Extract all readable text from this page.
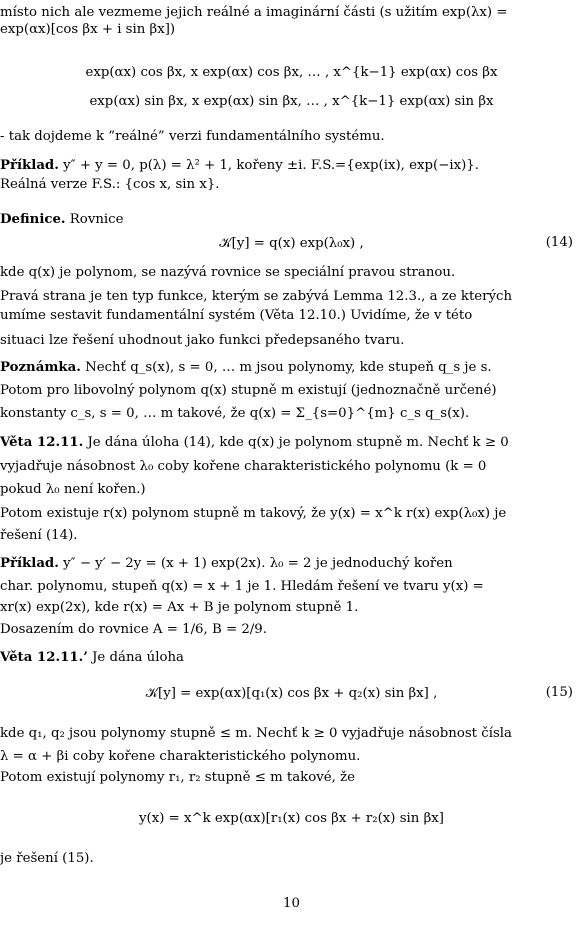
místo nich ale vezmeme jejich reálné a imaginární části (s užitím exp(λx) =
exp(αx)[cos βx + i sin βx])
exp(αx) cos βx, x exp(αx) cos βx, … , x^{k−1} exp(αx) cos βx
exp(αx) sin βx, x exp(αx) sin βx, … , x^{k−1} exp(αx) sin βx
- tak dojdeme k ”reálné” verzi fundamentálního systému.
Příklad. y″ + y = 0, p(λ) = λ² + 1, kořeny ±i. F.S.={exp(ix), exp(−ix)}.
Reálná verze F.S.: {cos x, sin x}.
Definice. Rovnice
𝒦[y] = q(x) exp(λ₀x) ,	(14)
kde q(x) je polynom, se nazývá rovnice se speciální pravou stranou.
Pravá strana je ten typ funkce, kterým se zabývá Lemma 12.3., a ze kterých
umíme sestavit fundamentální systém (Věta 12.10.) Uvidíme, že v této
situaci lze řešení uhodnout jako funkci předepsaného tvaru.
Poznámka. Nechť q_s(x), s = 0, … m jsou polynomy, kde stupeň q_s je s.
Potom pro libovolný polynom q(x) stupně m existují (jednoznačně určené)
konstanty c_s, s = 0, … m takové, že q(x) = Σ_{s=0}^{m} c_s q_s(x).
Věta 12.11. Je dána úloha (14), kde q(x) je polynom stupně m. Nechť k ≥ 0
vyjadřuje násobnost λ₀ coby kořene charakteristického polynomu (k = 0
pokud λ₀ není kořen.)
Potom existuje r(x) polynom stupně m takový, že y(x) = x^k r(x) exp(λ₀x) je
řešení (14).
Příklad. y″ − y′ − 2y = (x + 1) exp(2x). λ₀ = 2 je jednoduchý kořen
char. polynomu, stupeň q(x) = x + 1 je 1. Hledám řešení ve tvaru y(x) =
xr(x) exp(2x), kde r(x) = Ax + B je polynom stupně 1.
Dosazením do rovnice A = 1/6, B = 2/9.
Věta 12.11.’ Je dána úloha
𝒦[y] = exp(αx)[q₁(x) cos βx + q₂(x) sin βx] ,	(15)
kde q₁, q₂ jsou polynomy stupně ≤ m. Nechť k ≥ 0 vyjadřuje násobnost čísla
λ = α + βi coby kořene charakteristického polynomu.
Potom existují polynomy r₁, r₂ stupně ≤ m takové, že
y(x) = x^k exp(αx)[r₁(x) cos βx + r₂(x) sin βx]
je řešení (15).
10
